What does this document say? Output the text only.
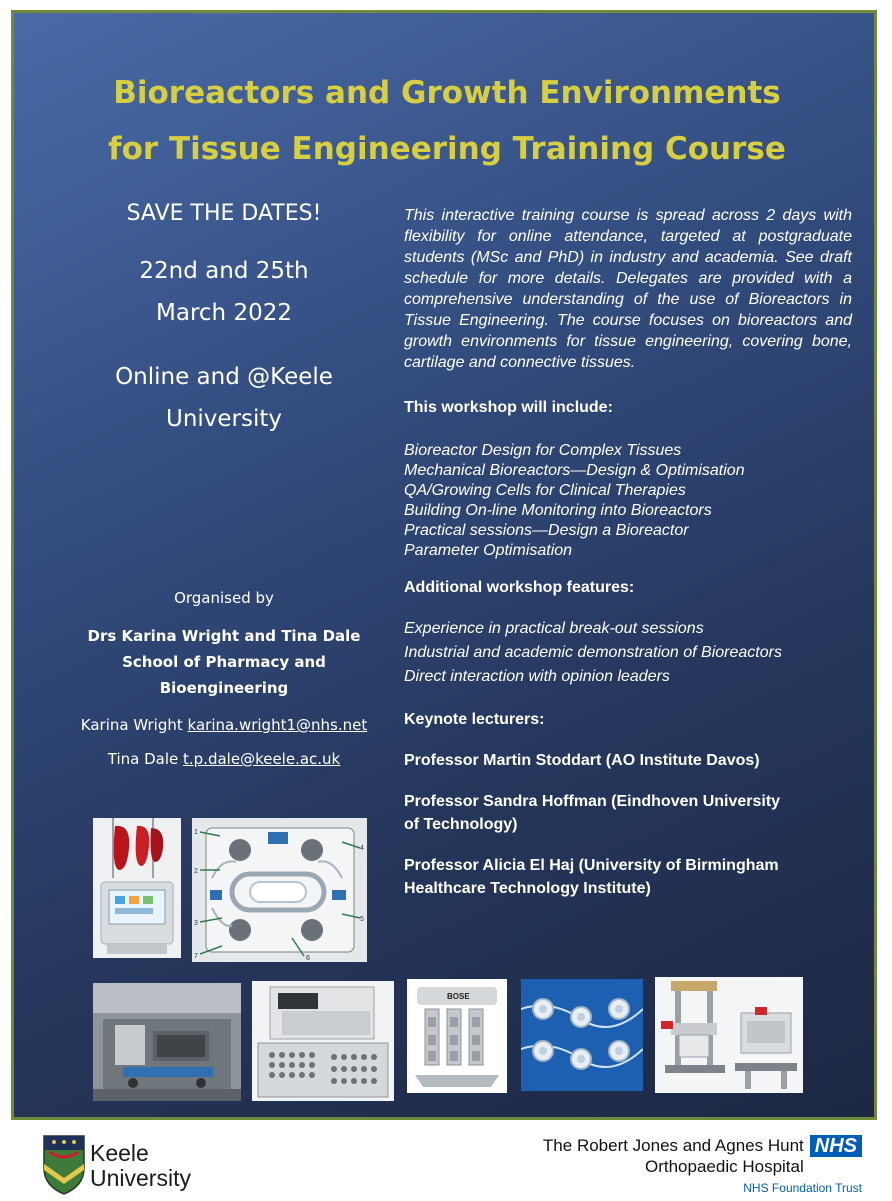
Bioreactors and Growth Environments
for Tissue Engineering Training Course
SAVE THE DATES!
22nd and 25th
March 2022
Online and @Keele
University
Organised by
Drs Karina Wright and Tina Dale
School of Pharmacy and
Bioengineering
Karina Wright karina.wright1@nhs.net
Tina Dale t.p.dale@keele.ac.uk

This interactive training course is spread across 2 days with flexibility for online attendance, targeted at postgraduate students (MSc and PhD) in industry and academia. See draft schedule for more details. Delegates are provided with a comprehensive understanding of the use of Bioreactors in Tissue Engineering. The course focuses on bioreactors and growth environments for tissue engineering, covering bone, cartilage and connective tissues.

This workshop will include:

Bioreactor Design for Complex Tissues
Mechanical Bioreactors—Design & Optimisation
QA/Growing Cells for Clinical Therapies
Building On-line Monitoring into Bioreactors
Practical sessions—Design a Bioreactor
Parameter Optimisation

Additional workshop features:

Experience in practical break-out sessions
Industrial and academic demonstration of Bioreactors
Direct interaction with opinion leaders

Keynote lecturers:

Professor Martin Stoddart (AO Institute Davos)
Professor Sandra Hoffman (Eindhoven University
of Technology)
Professor Alicia El Haj (University of Birmingham
Healthcare Technology Institute)
1
2
3
4
5
6
7
BOSE
Keele
University
The Robert Jones and Agnes Hunt
Orthopaedic Hospital
NHS
NHS Foundation Trust
